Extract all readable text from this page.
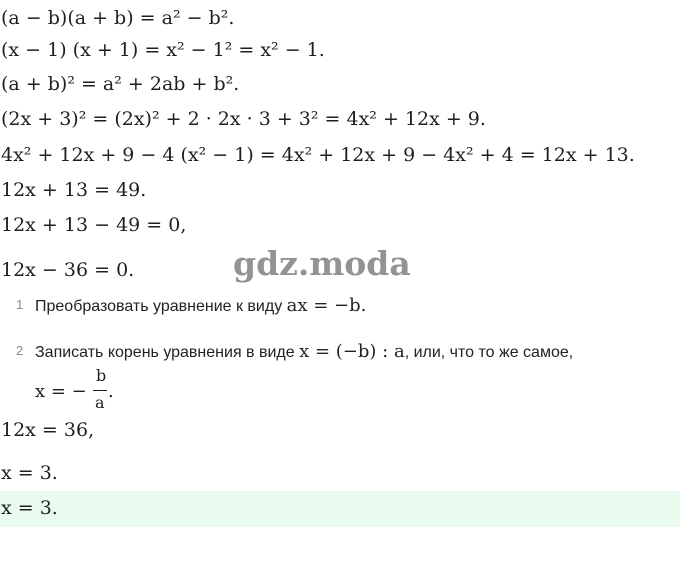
(a − b)(a + b) = a² − b².

(x − 1) (x + 1) = x² − 1² = x² − 1.

(a + b)² = a² + 2ab + b².

(2x + 3)² = (2x)² + 2 · 2x · 3 + 3² = 4x² + 12x + 9.

4x² + 12x + 9 − 4 (x² − 1) = 4x² + 12x + 9 − 4x² + 4 = 12x + 13.

12x + 13 = 49.

12x + 13 − 49 = 0,

12x − 36 = 0.	gdz.moda
1 Преобразовать уравнение к виду ax = −b.
2 Записать корень уравнения в виде x = (−b) : a, или, что то же самое,
x = −
b
a
.

12x = 36,

x = 3.

x = 3.
